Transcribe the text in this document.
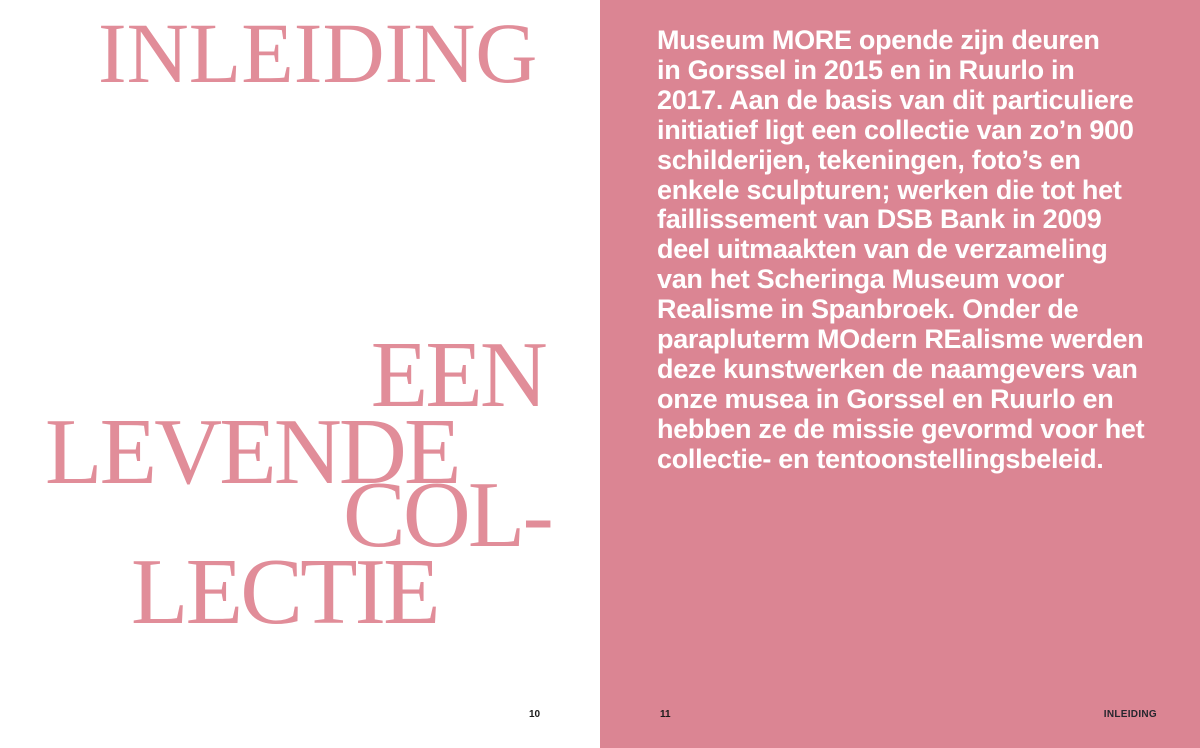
INLEIDING
EEN
LEVENDE
COL-
LECTIE
10
Museum MORE opende zijn deuren
in Gorssel in 2015 en in Ruurlo in
2017. Aan de basis van dit particuliere
initiatief ligt een collectie van zo’n 900
schilderijen, tekeningen, foto’s en
enkele sculpturen; werken die tot het
faillissement van DSB Bank in 2009
deel uitmaakten van de verzameling
van het Scheringa Museum voor
Realisme in Spanbroek. Onder de
parapluterm MOdern REalisme werden
deze kunstwerken de naamgevers van
onze musea in Gorssel en Ruurlo en
hebben ze de missie gevormd voor het
collectie- en tentoonstellingsbeleid.
11	INLEIDING
